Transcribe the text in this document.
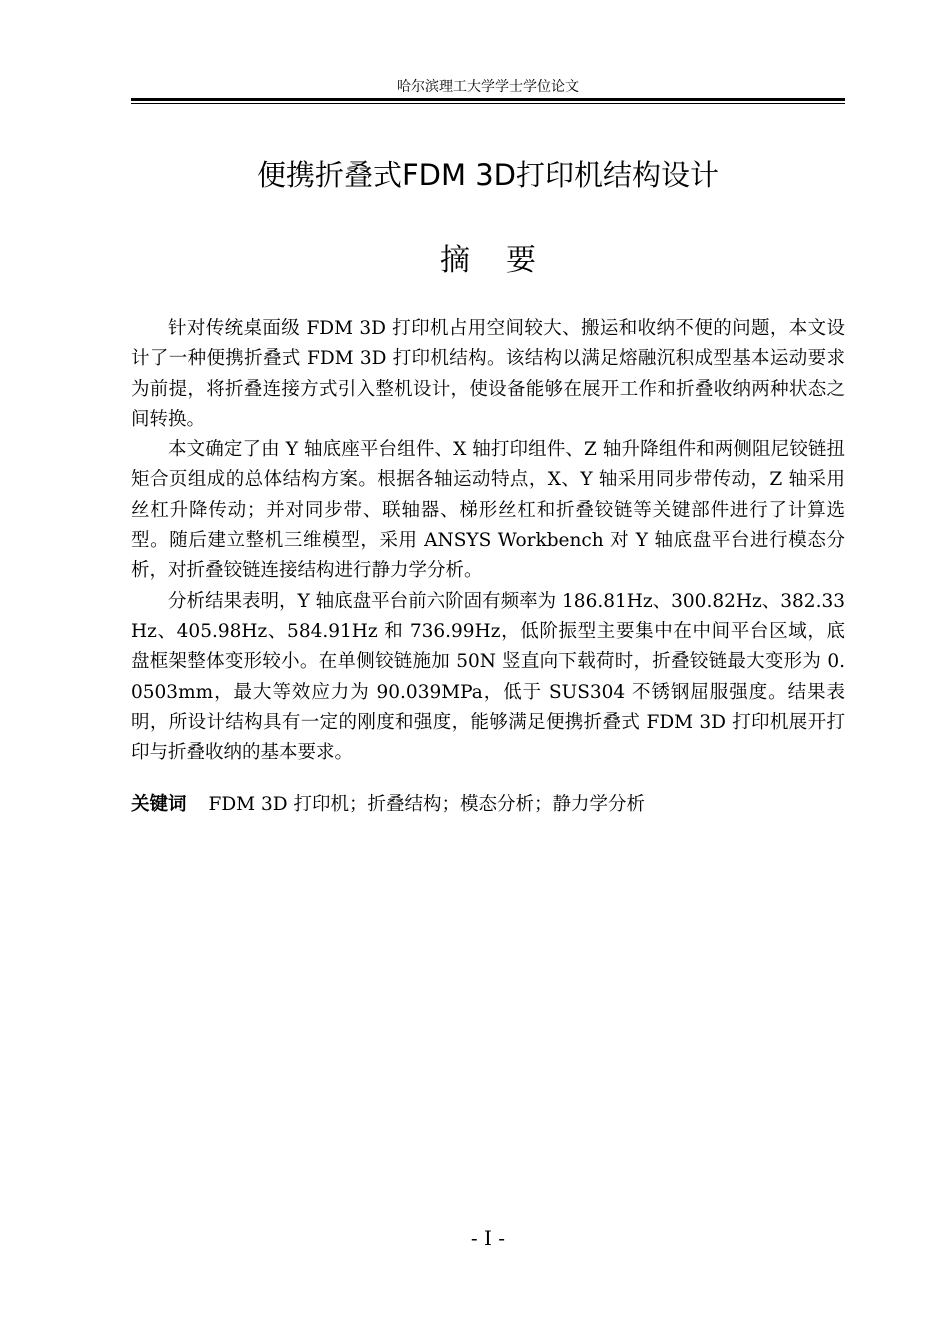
哈尔滨理工大学学士学位论文
便携折叠式FDM 3D打印机结构设计
摘 要

针对传统桌面级 FDM 3D 打印机占用空间较大、搬运和收纳不便的问题，本文设计了一种便携折叠式 FDM 3D 打印机结构。该结构以满足熔融沉积成型基本运动要求为前提，将折叠连接方式引入整机设计，使设备能够在展开工作和折叠收纳两种状态之间转换。

本文确定了由 Y 轴底座平台组件、X 轴打印组件、Z 轴升降组件和两侧阻尼铰链扭矩合页组成的总体结构方案。根据各轴运动特点，X、Y 轴采用同步带传动，Z 轴采用丝杠升降传动；并对同步带、联轴器、梯形丝杠和折叠铰链等关键部件进行了计算选型。随后建立整机三维模型，采用 ANSYS Workbench 对 Y 轴底盘平台进行模态分析，对折叠铰链连接结构进行静力学分析。

分析结果表明，Y 轴底盘平台前六阶固有频率为 186.81Hz、300.82Hz、382.33Hz、405.98Hz、584.91Hz 和 736.99Hz，低阶振型主要集中在中间平台区域，底盘框架整体变形较小。在单侧铰链施加 50N 竖直向下载荷时，折叠铰链最大变形为 0.0503mm，最大等效应力为 90.039MPa，低于 SUS304 不锈钢屈服强度。结果表明，所设计结构具有一定的刚度和强度，能够满足便携折叠式 FDM 3D 打印机展开打印与折叠收纳的基本要求。

关键词 FDM 3D 打印机；折叠结构；模态分析；静力学分析
- I -
